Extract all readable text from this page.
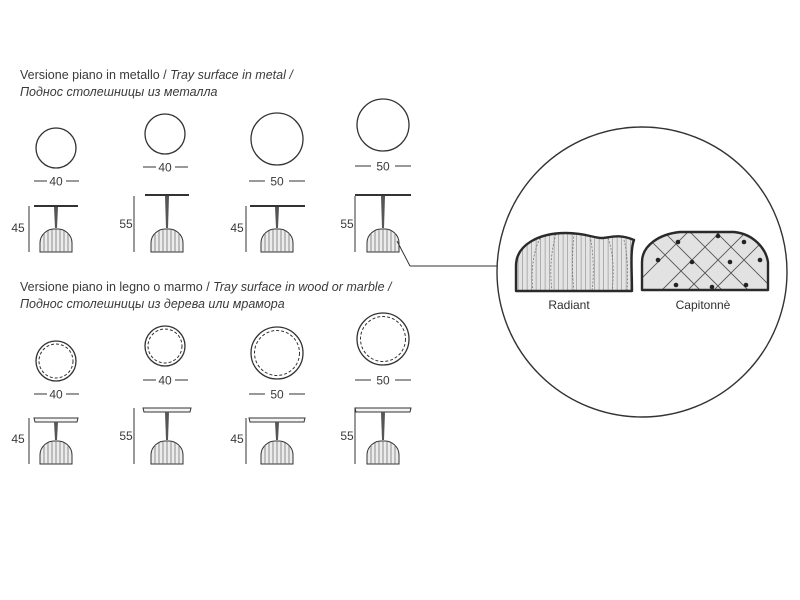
Versione piano in metallo / Tray surface in metal /
Поднос столешницы из металла
40
40
50
50
45	55	45	55
Versione piano in legno o marmo / Tray surface in wood or marble /
Поднос столешницы из дерева или мрамора
40
40
50
50
45	55	45	55
Radiant	Capitonnè
